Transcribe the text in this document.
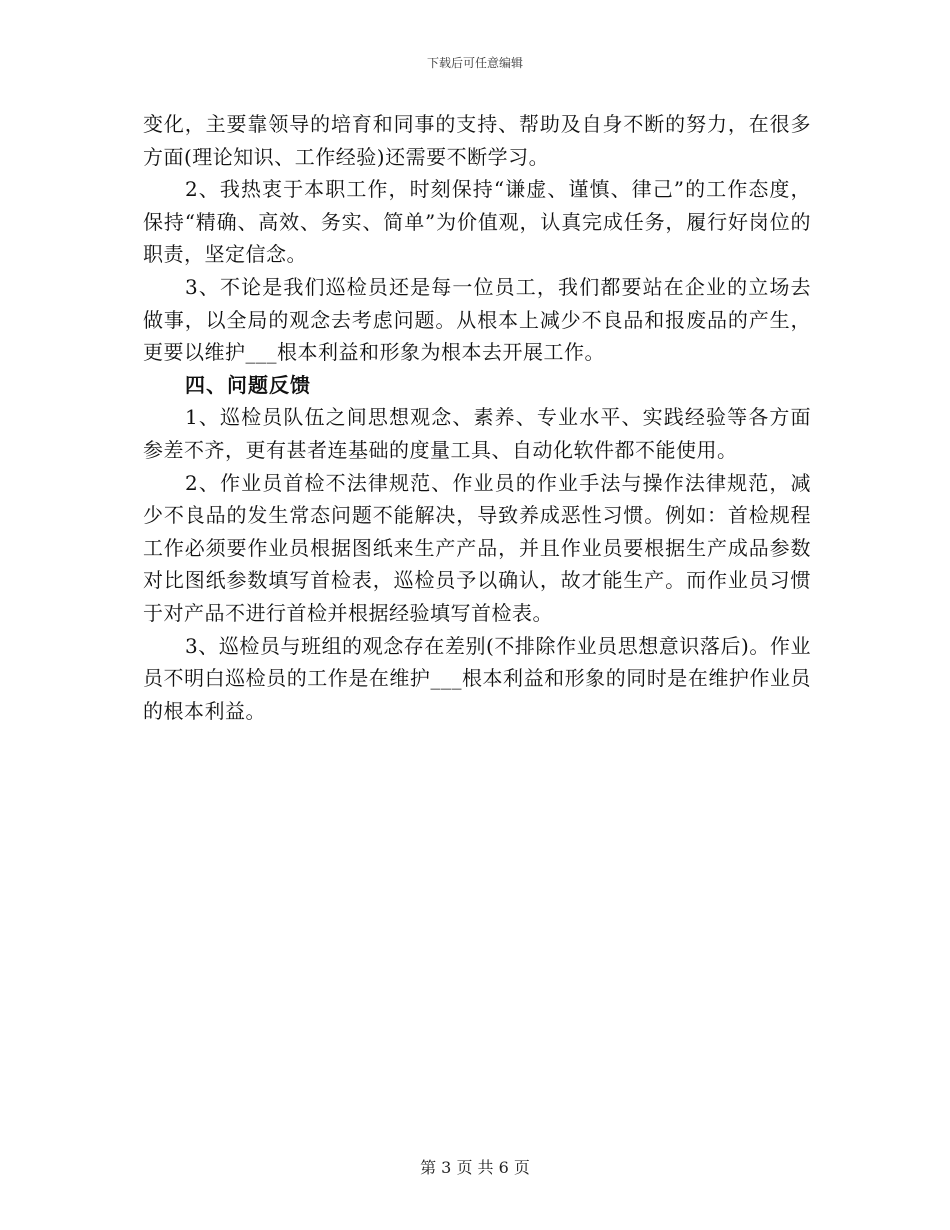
下载后可任意编辑

变化，主要靠领导的培育和同事的支持、帮助及自身不断的努力，在很多方面(理论知识、工作经验)还需要不断学习。

2、我热衷于本职工作，时刻保持“谦虚、谨慎、律己”的工作态度，保持“精确、高效、务实、简单”为价值观，认真完成任务，履行好岗位的职责，坚定信念。

3、不论是我们巡检员还是每一位员工，我们都要站在企业的立场去做事，以全局的观念去考虑问题。从根本上减少不良品和报废品的产生，更要以维护___根本利益和形象为根本去开展工作。

四、问题反馈

1、巡检员队伍之间思想观念、素养、专业水平、实践经验等各方面参差不齐，更有甚者连基础的度量工具、自动化软件都不能使用。

2、作业员首检不法律规范、作业员的作业手法与操作法律规范，减少不良品的发生常态问题不能解决，导致养成恶性习惯。例如：首检规程工作必须要作业员根据图纸来生产产品，并且作业员要根据生产成品参数对比图纸参数填写首检表，巡检员予以确认，故才能生产。而作业员习惯于对产品不进行首检并根据经验填写首检表。

3、巡检员与班组的观念存在差别(不排除作业员思想意识落后)。作业员不明白巡检员的工作是在维护___根本利益和形象的同时是在维护作业员的根本利益。

第 3 页 共 6 页
